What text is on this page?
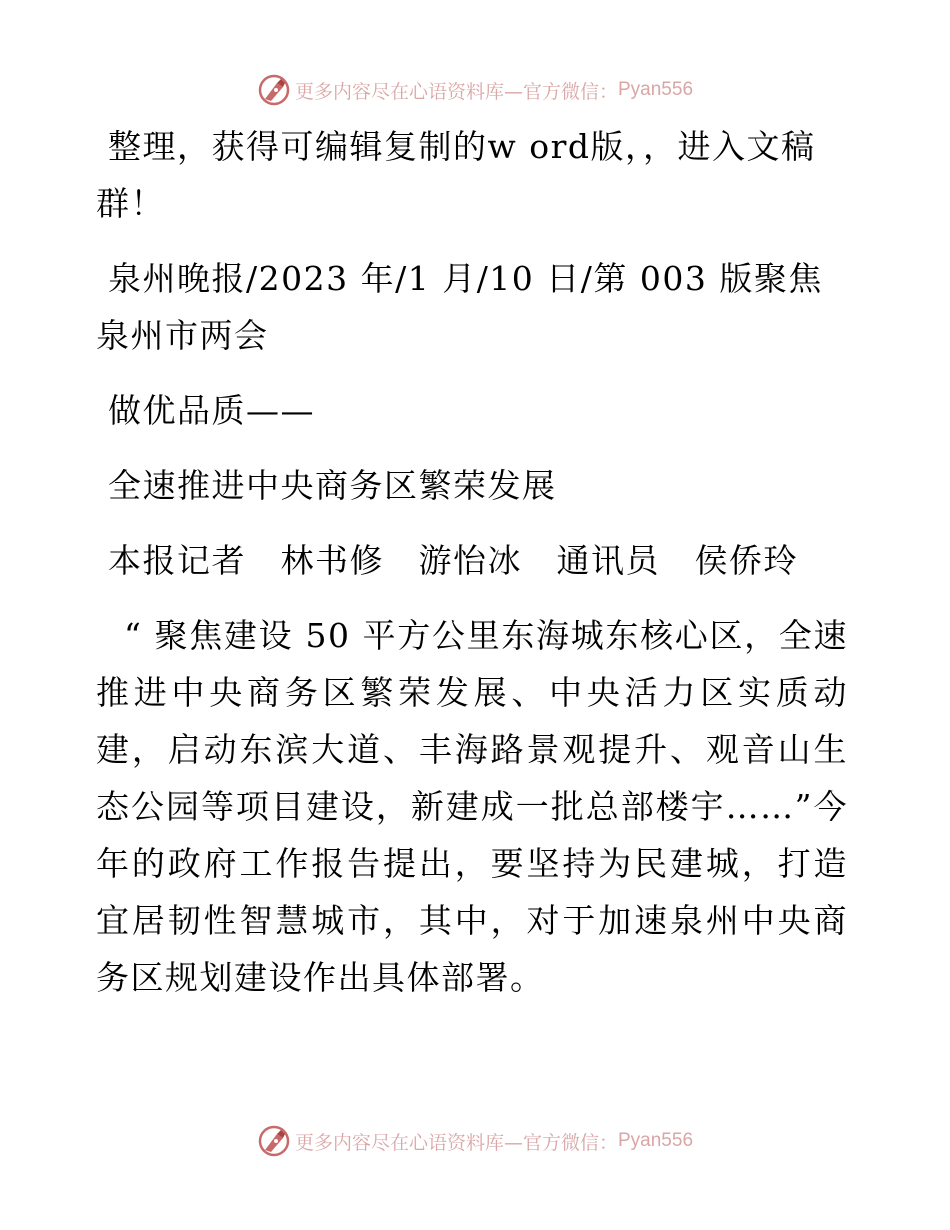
更多内容尽在心语资料库—官方微信： Pyan556

整理，获得可编辑复制的w ord版，，进入文稿群！

泉州晚报/2023 年/1 月/10 日/第 003 版聚焦泉州市两会

做优品质——

全速推进中央商务区繁荣发展

本报记者　林书修　游怡冰　通讯员　侯侨玲

“ 聚焦建设 50 平方公里东海城东核心区，全速推进中央商务区繁荣发展、中央活力区实质动建，启动东滨大道、丰海路景观提升、观音山生态公园等项目建设，新建成一批总部楼宇……”今年的政府工作报告提出，要坚持为民建城，打造宜居韧性智慧城市，其中，对于加速泉州中央商务区规划建设作出具体部署。

更多内容尽在心语资料库—官方微信： Pyan556
